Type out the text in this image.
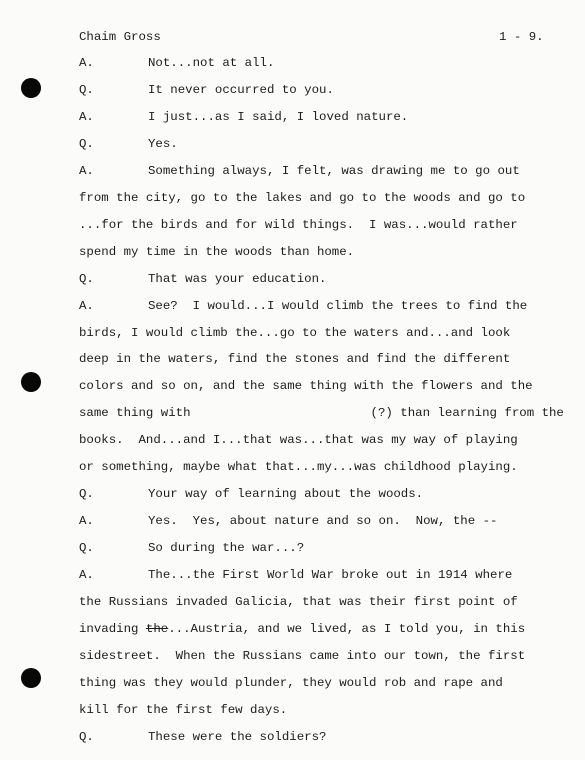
Chaim Gross	1 - 9.
A.	Not...not at all.
Q.	It never occurred to you.
A.	I just...as I said, I loved nature.
Q.	Yes.
A.	Something always, I felt, was drawing me to go out
from the city, go to the lakes and go to the woods and go to
...for the birds and for wild things.  I was...would rather
spend my time in the woods than home.
Q.	That was your education.
A.	See?  I would...I would climb the trees to find the
birds, I would climb the...go to the waters and...and look
deep in the waters, find the stones and find the different
colors and so on, and the same thing with the flowers and the
same thing with	(?) than learning from the
books.  And...and I...that was...that was my way of playing
or something, maybe what that...my...was childhood playing.
Q.	Your way of learning about the woods.
A.	Yes.  Yes, about nature and so on.  Now, the --
Q.	So during the war...?
A.	The...the First World War broke out in 1914 where
the Russians invaded Galicia, that was their first point of
invading the...Austria, and we lived, as I told you, in this
sidestreet.  When the Russians came into our town, the first
thing was they would plunder, they would rob and rape and
kill for the first few days.
Q.	These were the soldiers?
